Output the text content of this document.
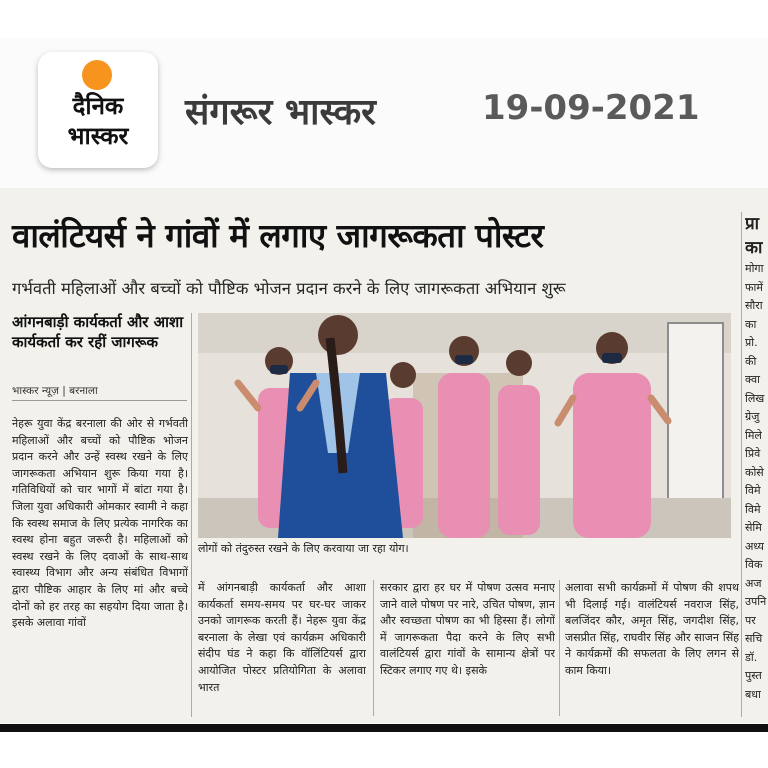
दैनिक
भास्कर
संगरूर भास्कर	19-09-2021
वालंटियर्स ने गांवों में लगाए जागरूकता पोस्टर
गर्भवती महिलाओं और बच्चों को पौष्टिक भोजन प्रदान करने के लिए जागरूकता अभियान शुरू
आंगनबाड़ी कार्यकर्ता और आशा कार्यकर्ता कर रहीं जागरूक
भास्कर न्यूज़ | बरनाला
नेहरू युवा केंद्र बरनाला की ओर से गर्भवती महिलाओं और बच्चों को पौष्टिक भोजन प्रदान करने और उन्हें स्वस्थ रखने के लिए जागरूकता अभियान शुरू किया गया है। गतिविधियों को चार भागों में बांटा गया है। जिला युवा अधिकारी ओमकार स्वामी ने कहा कि स्वस्थ समाज के लिए प्रत्येक नागरिक का स्वस्थ होना बहुत जरूरी है। महिलाओं को स्वस्थ रखने के लिए दवाओं के साथ-साथ स्वास्थ्य विभाग और अन्य संबंधित विभागों द्वारा पौष्टिक आहार के लिए मां और बच्चे दोनों को हर तरह का सहयोग दिया जाता है। इसके अलावा गांवों
लोगों को तंदुरुस्त रखने के लिए करवाया जा रहा योग।
में आंगनबाड़ी कार्यकर्ता और आशा कार्यकर्ता समय-समय पर घर-घर जाकर उनको जागरूक करती हैं। नेहरू युवा केंद्र बरनाला के लेखा एवं कार्यक्रम अधिकारी संदीप घंड ने कहा कि वॉलिंटियर्स द्वारा आयोजित पोस्टर प्रतियोगिता के अलावा भारत
सरकार द्वारा हर घर में पोषण उत्सव मनाए जाने वाले पोषण पर नारे, उचित पोषण, ज्ञान और स्वच्छता पोषण का भी हिस्सा हैं। लोगों में जागरूकता पैदा करने के लिए सभी वालंटियर्स द्वारा गांवों के सामान्य क्षेत्रों पर स्टिकर लगाए गए थे। इसके
अलावा सभी कार्यक्रमों में पोषण की शपथ भी दिलाई गई। वालंटियर्स नवराज सिंह, बलजिंदर कौर, अमृत सिंह, जगदीश सिंह, जसप्रीत सिंह, राघवीर सिंह और साजन सिंह ने कार्यक्रमों की सफलता के लिए लगन से काम किया।
प्रा
का
मोगा
फामें
सौरा
का
प्रो.
की
क्वा
लिख
ग्रेजु
मिले
प्रिवे
कोसे
विमे
विमे
सेमि
अध्य
विक
अज
उपनि
पर
सचि
डॉ.
पुस्त
बधा
